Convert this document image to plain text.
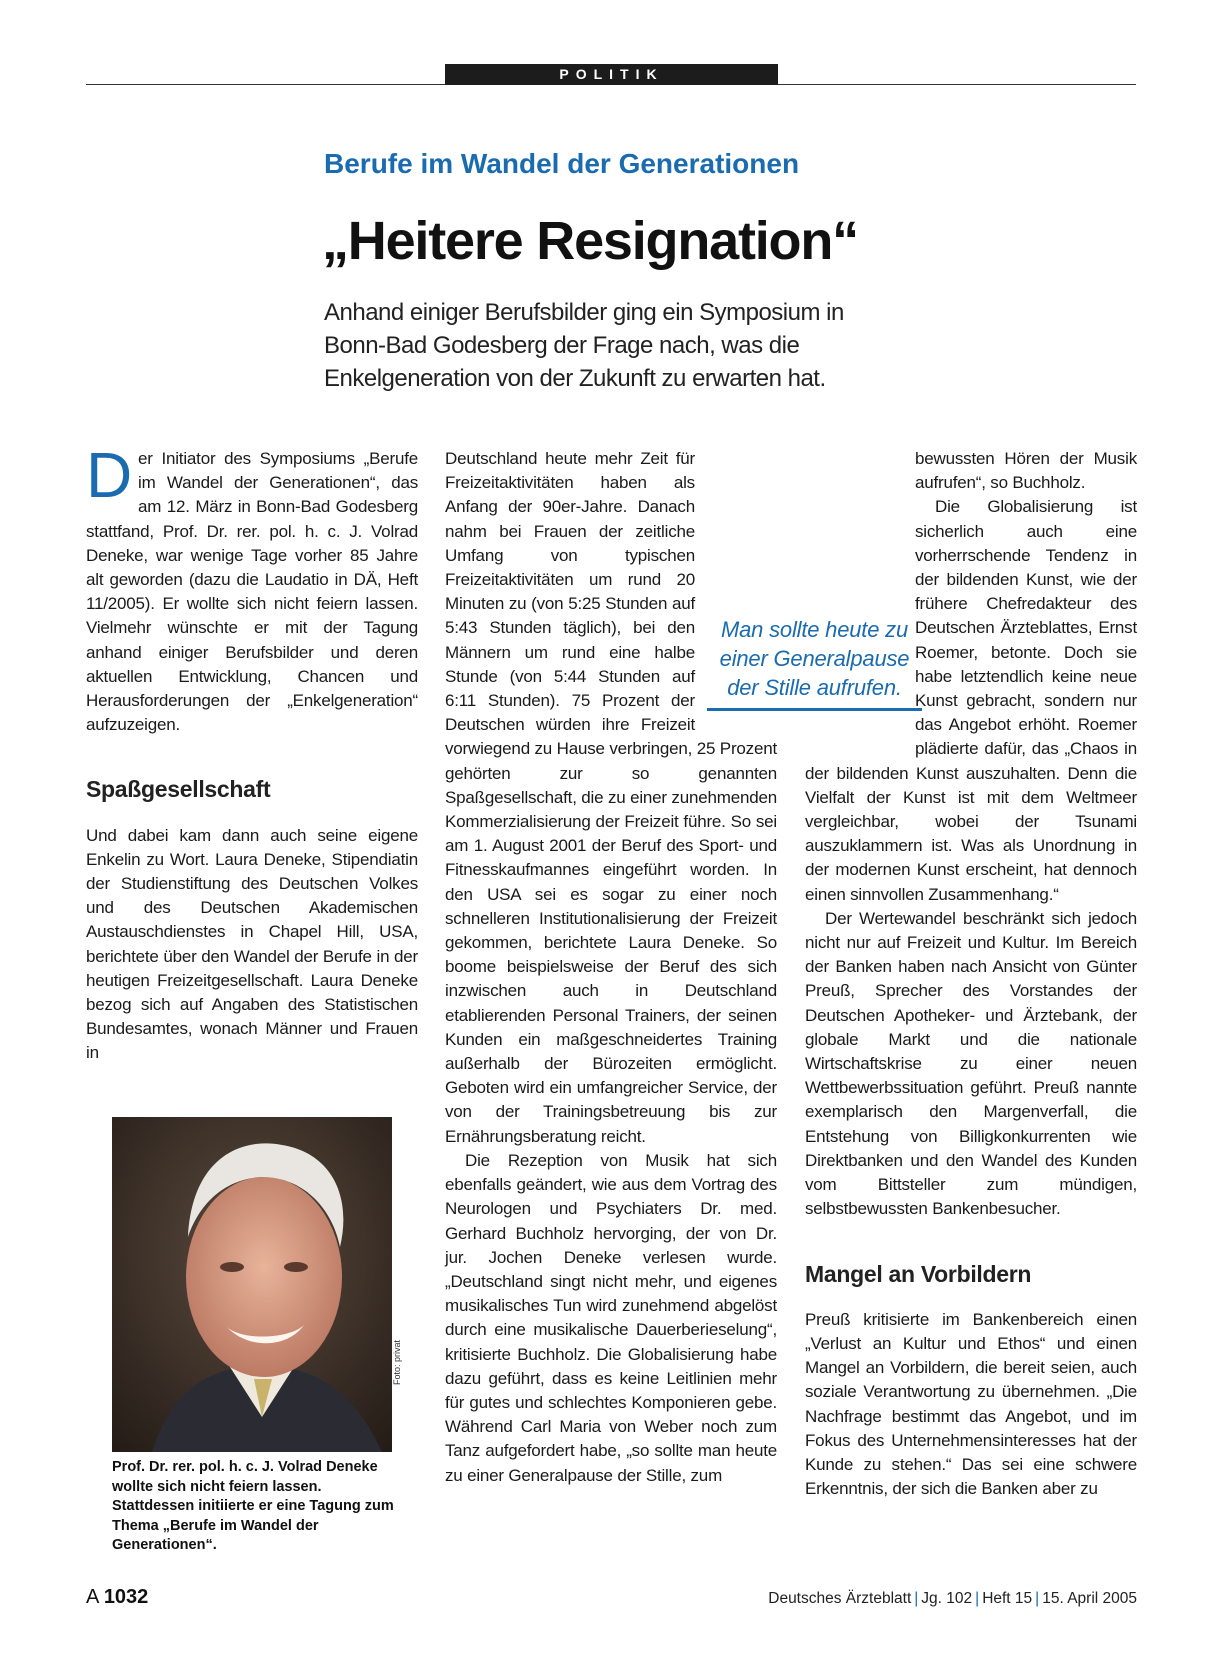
POLITIK
Berufe im Wandel der Generationen
„Heitere Resignation“
Anhand einiger Berufsbilder ging ein Symposium in Bonn-Bad Godesberg der Frage nach, was die Enkelgeneration von der Zukunft zu erwarten hat.

Der Initiator des Symposiums „Berufe im Wandel der Generationen“, das am 12. März in Bonn-Bad Godesberg stattfand, Prof. Dr. rer. pol. h. c. J. Volrad Deneke, war wenige Tage vorher 85 Jahre alt geworden (dazu die Laudatio in DÄ, Heft 11/2005). Er wollte sich nicht feiern lassen. Vielmehr wünschte er mit der Tagung anhand einiger Berufsbilder und deren aktuellen Entwicklung, Chancen und Herausforderungen der „Enkelgeneration“ aufzuzeigen.

Spaßgesellschaft

Und dabei kam dann auch seine eigene Enkelin zu Wort. Laura Deneke, Stipendiatin der Studienstiftung des Deutschen Volkes und des Deutschen Akademischen Austauschdienstes in Chapel Hill, USA, berichtete über den Wandel der Berufe in der heutigen Freizeitgesellschaft. Laura Deneke bezog sich auf Angaben des Statistischen Bundesamtes, wonach Männer und Frauen in

Foto: privat
Prof. Dr. rer. pol. h. c. J. Volrad Deneke wollte sich nicht feiern lassen. Stattdessen initiierte er eine Tagung zum Thema „Berufe im Wandel der Generationen“.
Man sollte heute zu einer Generalpause der Stille aufrufen.

Deutschland heute mehr Zeit für Freizeitaktivitäten haben als Anfang der 90er-Jahre. Danach nahm bei Frauen der zeitliche Umfang von typischen Freizeitaktivitäten um rund 20 Minuten zu (von 5:25 Stunden auf 5:43 Stunden täglich), bei den Männern um rund eine halbe Stunde (von 5:44 Stunden auf 6:11 Stunden). 75 Prozent der Deutschen würden ihre Freizeit vorwiegend zu Hause verbringen, 25 Prozent gehörten zur so genannten Spaßgesellschaft, die zu einer zunehmenden Kommerzialisierung der Freizeit führe. So sei am 1. August 2001 der Beruf des Sport- und Fitnesskaufmannes eingeführt worden. In den USA sei es sogar zu einer noch schnelleren Institutionalisierung der Freizeit gekommen, berichtete Laura Deneke. So boome beispielsweise der Beruf des sich inzwischen auch in Deutschland etablierenden Personal Trainers, der seinen Kunden ein maßgeschneidertes Training außerhalb der Bürozeiten ermöglicht. Geboten wird ein umfangreicher Service, der von der Trainingsbetreuung bis zur Ernährungsberatung reicht.

Die Rezeption von Musik hat sich ebenfalls geändert, wie aus dem Vortrag des Neurologen und Psychiaters Dr. med. Gerhard Buchholz hervorging, der von Dr. jur. Jochen Deneke verlesen wurde. „Deutschland singt nicht mehr, und eigenes musikalisches Tun wird zunehmend abgelöst durch eine musikalische Dauerberieselung“, kritisierte Buchholz. Die Globalisierung habe dazu geführt, dass es keine Leitlinien mehr für gutes und schlechtes Komponieren gebe. Während Carl Maria von Weber noch zum Tanz aufgefordert habe, „so sollte man heute zu einer Generalpause der Stille, zum

bewussten Hören der Musik aufrufen“, so Buchholz.

Die Globalisierung ist sicherlich auch eine vorherrschende Tendenz in der bildenden Kunst, wie der frühere Chefredakteur des Deutschen Ärzteblattes, Ernst Roemer, betonte. Doch sie habe letztendlich keine neue Kunst gebracht, sondern nur das Angebot erhöht. Roemer plädierte dafür, das „Chaos in der bildenden Kunst auszuhalten. Denn die Vielfalt der Kunst ist mit dem Weltmeer vergleichbar, wobei der Tsunami auszuklammern ist. Was als Unordnung in der modernen Kunst erscheint, hat dennoch einen sinnvollen Zusammenhang.“

Der Wertewandel beschränkt sich jedoch nicht nur auf Freizeit und Kultur. Im Bereich der Banken haben nach Ansicht von Günter Preuß, Sprecher des Vorstandes der Deutschen Apotheker- und Ärztebank, der globale Markt und die nationale Wirtschaftskrise zu einer neuen Wettbewerbssituation geführt. Preuß nannte exemplarisch den Margenverfall, die Entstehung von Billigkonkurrenten wie Direktbanken und den Wandel des Kunden vom Bittsteller zum mündigen, selbstbewussten Bankenbesucher.

Mangel an Vorbildern

Preuß kritisierte im Bankenbereich einen „Verlust an Kultur und Ethos“ und einen Mangel an Vorbildern, die bereit seien, auch soziale Verantwortung zu übernehmen. „Die Nachfrage bestimmt das Angebot, und im Fokus des Unternehmensinteresses hat der Kunde zu stehen.“ Das sei eine schwere Erkenntnis, der sich die Banken aber zu

A 1032	Deutsches Ärzteblatt | Jg. 102 | Heft 15 | 15. April 2005
